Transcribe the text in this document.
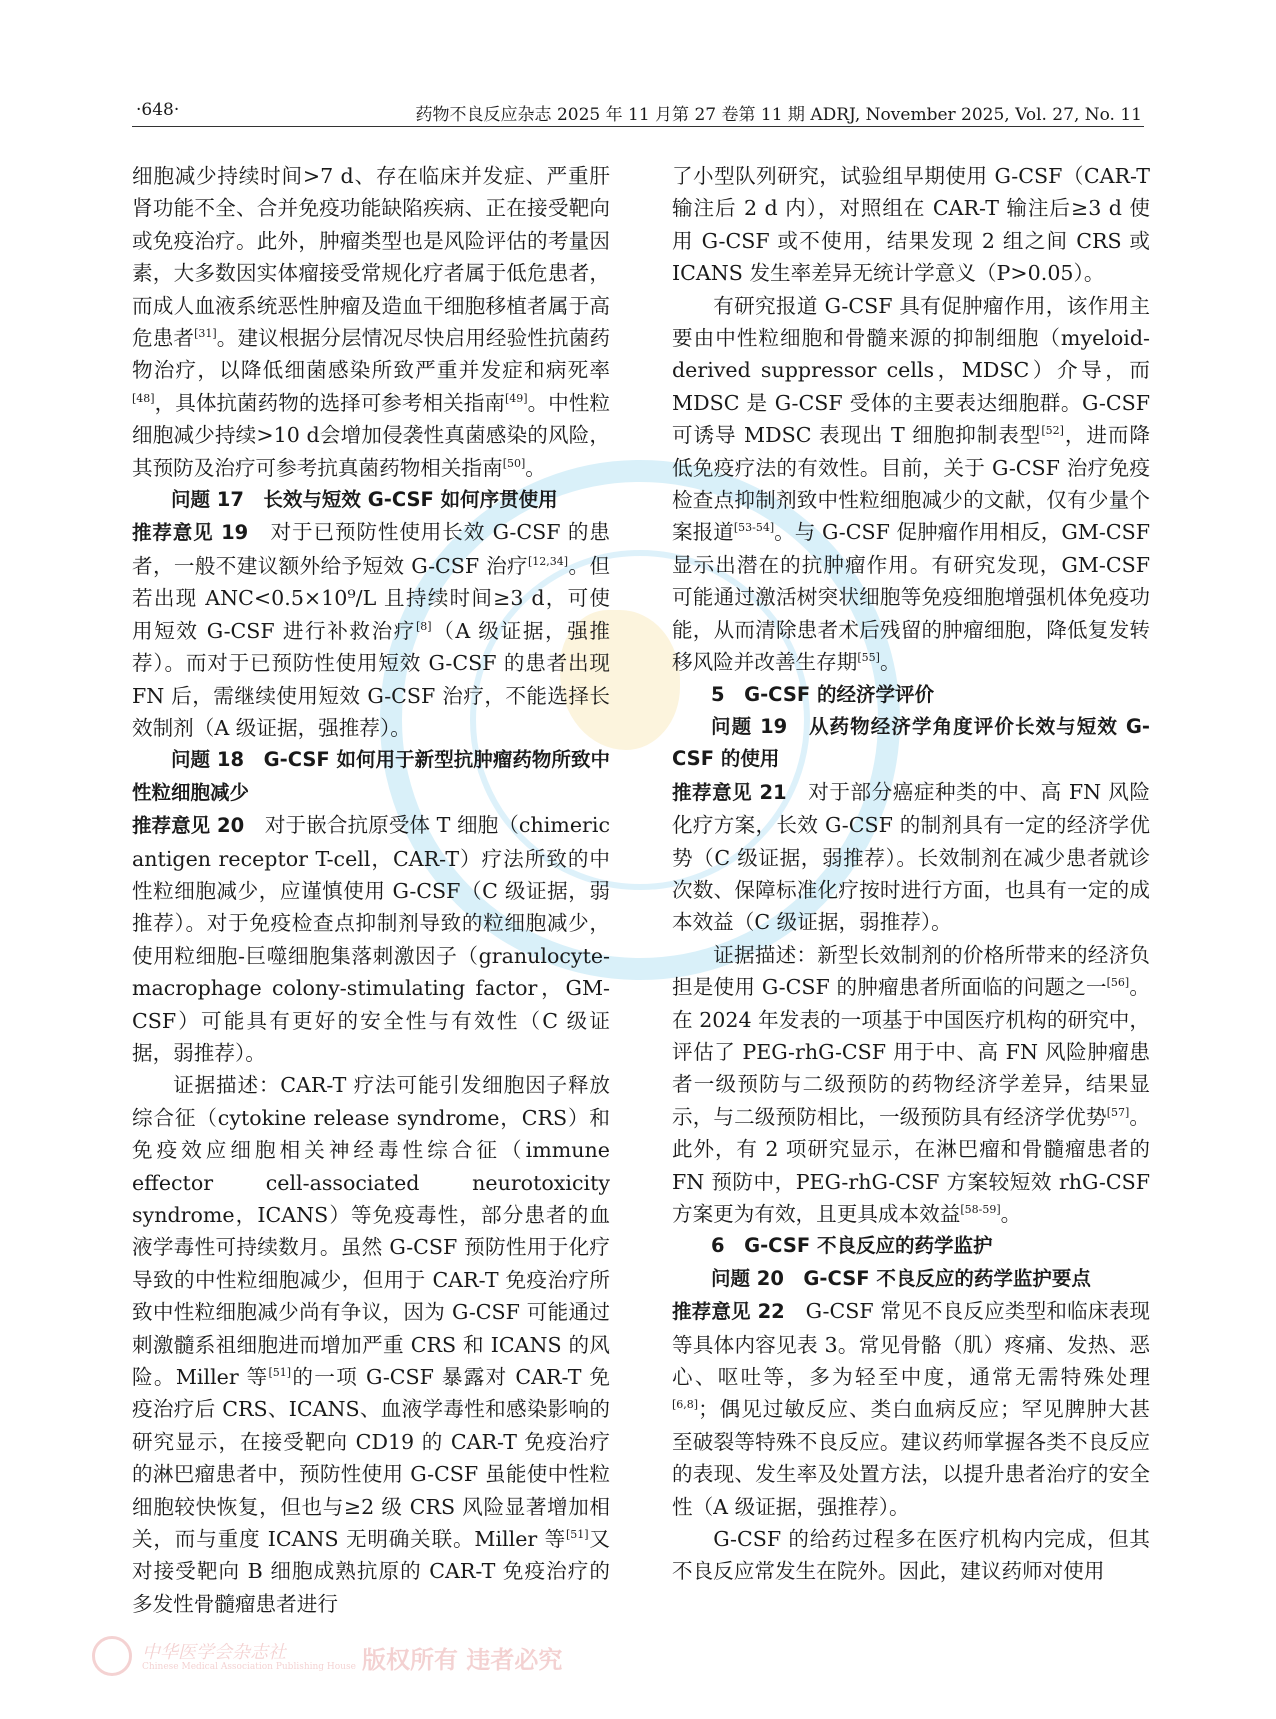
·648·	药物不良反应杂志 2025 年 11 月第 27 卷第 11 期 ADRJ, November 2025, Vol. 27, No. 11

细胞减少持续时间>7 d、存在临床并发症、严重肝肾功能不全、合并免疫功能缺陷疾病、正在接受靶向或免疫治疗。此外，肿瘤类型也是风险评估的考量因素，大多数因实体瘤接受常规化疗者属于低危患者，而成人血液系统恶性肿瘤及造血干细胞移植者属于高危患者[31]。建议根据分层情况尽快启用经验性抗菌药物治疗，以降低细菌感染所致严重并发症和病死率[48]，具体抗菌药物的选择可参考相关指南[49]。中性粒细胞减少持续>10 d会增加侵袭性真菌感染的风险，其预防及治疗可参考抗真菌药物相关指南[50]。

问题 17　长效与短效 G-CSF 如何序贯使用

推荐意见 19　对于已预防性使用长效 G-CSF 的患者，一般不建议额外给予短效 G-CSF 治疗[12,34]。但若出现 ANC<0.5×10⁹/L 且持续时间≥3 d，可使用短效 G-CSF 进行补救治疗[8]（A 级证据，强推荐）。而对于已预防性使用短效 G-CSF 的患者出现 FN 后，需继续使用短效 G-CSF 治疗，不能选择长效制剂（A 级证据，强推荐）。

问题 18　G-CSF 如何用于新型抗肿瘤药物所致中性粒细胞减少

推荐意见 20　对于嵌合抗原受体 T 细胞（chimeric antigen receptor T-cell，CAR-T）疗法所致的中性粒细胞减少，应谨慎使用 G-CSF（C 级证据，弱推荐）。对于免疫检查点抑制剂导致的粒细胞减少，使用粒细胞-巨噬细胞集落刺激因子（granulocyte-macrophage colony-stimulating factor，GM-CSF）可能具有更好的安全性与有效性（C 级证据，弱推荐）。

证据描述：CAR-T 疗法可能引发细胞因子释放综合征（cytokine release syndrome，CRS）和免疫效应细胞相关神经毒性综合征（immune effector cell-associated neurotoxicity syndrome，ICANS）等免疫毒性，部分患者的血液学毒性可持续数月。虽然 G-CSF 预防性用于化疗导致的中性粒细胞减少，但用于 CAR-T 免疫治疗所致中性粒细胞减少尚有争议，因为 G-CSF 可能通过刺激髓系祖细胞进而增加严重 CRS 和 ICANS 的风险。Miller 等[51]的一项 G-CSF 暴露对 CAR-T 免疫治疗后 CRS、ICANS、血液学毒性和感染影响的研究显示，在接受靶向 CD19 的 CAR-T 免疫治疗的淋巴瘤患者中，预防性使用 G-CSF 虽能使中性粒细胞较快恢复，但也与≥2 级 CRS 风险显著增加相关，而与重度 ICANS 无明确关联。Miller 等[51]又对接受靶向 B 细胞成熟抗原的 CAR-T 免疫治疗的多发性骨髓瘤患者进行

了小型队列研究，试验组早期使用 G-CSF（CAR-T 输注后 2 d 内），对照组在 CAR-T 输注后≥3 d 使用 G-CSF 或不使用，结果发现 2 组之间 CRS 或 ICANS 发生率差异无统计学意义（P>0.05）。

有研究报道 G-CSF 具有促肿瘤作用，该作用主要由中性粒细胞和骨髓来源的抑制细胞（myeloid-derived suppressor cells，MDSC）介导，而 MDSC 是 G-CSF 受体的主要表达细胞群。G-CSF 可诱导 MDSC 表现出 T 细胞抑制表型[52]，进而降低免疫疗法的有效性。目前，关于 G-CSF 治疗免疫检查点抑制剂致中性粒细胞减少的文献，仅有少量个案报道[53-54]。与 G-CSF 促肿瘤作用相反，GM-CSF 显示出潜在的抗肿瘤作用。有研究发现，GM-CSF 可能通过激活树突状细胞等免疫细胞增强机体免疫功能，从而清除患者术后残留的肿瘤细胞，降低复发转移风险并改善生存期[55]。

5　G-CSF 的经济学评价

问题 19　从药物经济学角度评价长效与短效 G-CSF 的使用

推荐意见 21　对于部分癌症种类的中、高 FN 风险化疗方案，长效 G-CSF 的制剂具有一定的经济学优势（C 级证据，弱推荐）。长效制剂在减少患者就诊次数、保障标准化疗按时进行方面，也具有一定的成本效益（C 级证据，弱推荐）。

证据描述：新型长效制剂的价格所带来的经济负担是使用 G-CSF 的肿瘤患者所面临的问题之一[56]。在 2024 年发表的一项基于中国医疗机构的研究中，评估了 PEG-rhG-CSF 用于中、高 FN 风险肿瘤患者一级预防与二级预防的药物经济学差异，结果显示，与二级预防相比，一级预防具有经济学优势[57]。此外，有 2 项研究显示，在淋巴瘤和骨髓瘤患者的 FN 预防中，PEG-rhG-CSF 方案较短效 rhG-CSF 方案更为有效，且更具成本效益[58-59]。

6　G-CSF 不良反应的药学监护

问题 20　G-CSF 不良反应的药学监护要点

推荐意见 22　G-CSF 常见不良反应类型和临床表现等具体内容见表 3。常见骨骼（肌）疼痛、发热、恶心、呕吐等，多为轻至中度，通常无需特殊处理[6,8]；偶见过敏反应、类白血病反应；罕见脾肿大甚至破裂等特殊不良反应。建议药师掌握各类不良反应的表现、发生率及处置方法，以提升患者治疗的安全性（A 级证据，强推荐）。

G-CSF 的给药过程多在医疗机构内完成，但其不良反应常发生在院外。因此，建议药师对使用

中华医学会杂志社
Chinese Medical Association Publishing House 版权所有 违者必究
